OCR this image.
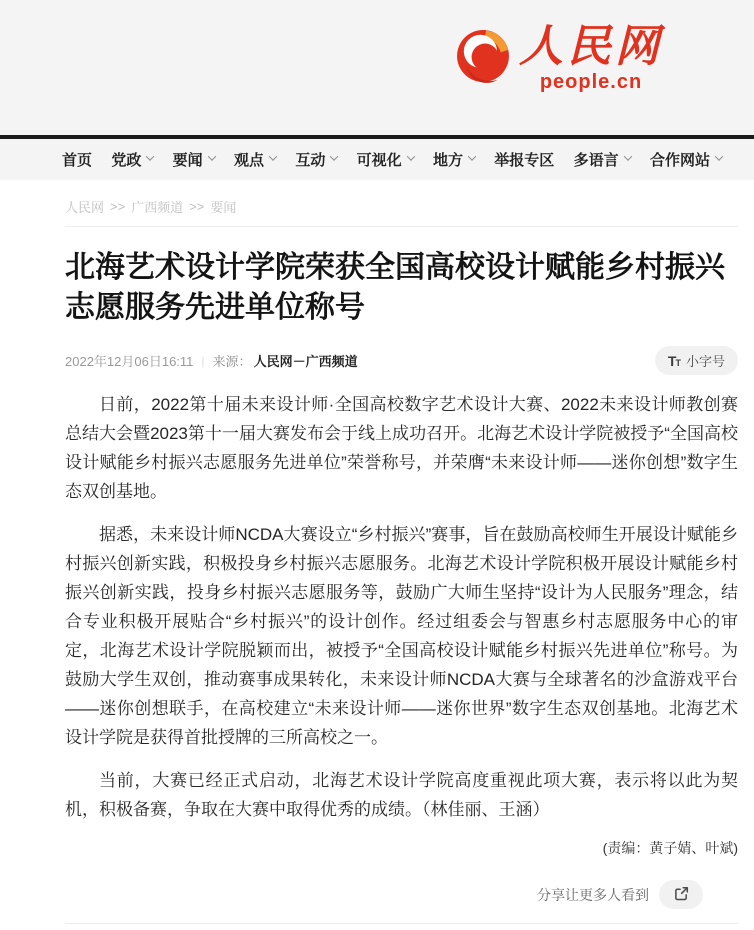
人民网
people.cn
首页 党政 要闻 观点 互动 可视化 地方 举报专区 多语言 合作网站
人民网 >> 广西频道 >> 要闻
北海艺术设计学院荣获全国高校设计赋能乡村振兴志愿服务先进单位称号
2022年12月06日16:11 | 来源： 人民网－广西频道	TT 小字号

日前，2022第十届未来设计师·全国高校数字艺术设计大赛、2022未来设计师教创赛总结大会暨2023第十一届大赛发布会于线上成功召开。北海艺术设计学院被授予“全国高校设计赋能乡村振兴志愿服务先进单位”荣誉称号，并荣膺“未来设计师——迷你创想”数字生态双创基地。

据悉，未来设计师NCDA大赛设立“乡村振兴”赛事，旨在鼓励高校师生开展设计赋能乡村振兴创新实践，积极投身乡村振兴志愿服务。北海艺术设计学院积极开展设计赋能乡村振兴创新实践，投身乡村振兴志愿服务等，鼓励广大师生坚持“设计为人民服务”理念，结合专业积极开展贴合“乡村振兴”的设计创作。经过组委会与智惠乡村志愿服务中心的审定，北海艺术设计学院脱颖而出，被授予“全国高校设计赋能乡村振兴先进单位”称号。为鼓励大学生双创，推动赛事成果转化，未来设计师NCDA大赛与全球著名的沙盒游戏平台——迷你创想联手，在高校建立“未来设计师——迷你世界”数字生态双创基地。北海艺术设计学院是获得首批授牌的三所高校之一。

当前，大赛已经正式启动，北海艺术设计学院高度重视此项大赛，表示将以此为契机，积极备赛，争取在大赛中取得优秀的成绩。（林佳丽、王涵）

(责编：黄子婧、叶斌)
分享让更多人看到
